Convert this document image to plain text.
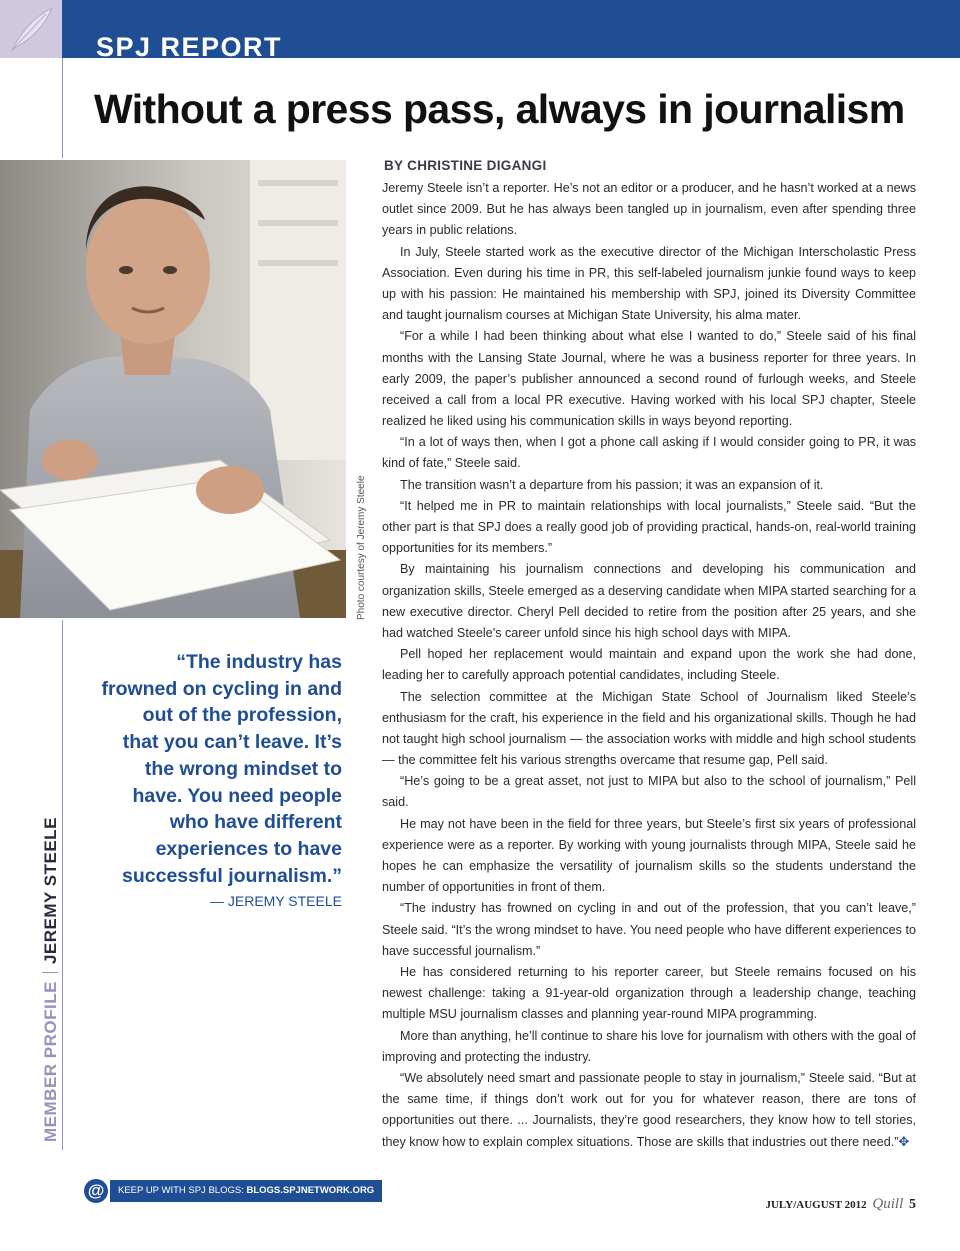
SPJ REPORT
Without a press pass, always in journalism
Photo courtesy of Jeremy Steele
“The industry has
frowned on cycling in and
out of the profession,
that you can’t leave. It’s
the wrong mindset to
have. You need people
who have different
experiences to have
successful journalism.”
— JEREMY STEELE
MEMBER PROFILEJEREMY STEELE
BY CHRISTINE DIGANGI

Jeremy Steele isn’t a reporter. He’s not an editor or a producer, and he hasn’t worked at a news outlet since 2009. But he has always been tangled up in journalism, even after spending three years in public relations.

In July, Steele started work as the executive director of the Michigan Interscholastic Press Association. Even during his time in PR, this self-labeled journalism junkie found ways to keep up with his passion: He maintained his membership with SPJ, joined its Diversity Committee and taught journalism courses at Michigan State University, his alma mater.

“For a while I had been thinking about what else I wanted to do,” Steele said of his final months with the Lansing State Journal, where he was a business reporter for three years. In early 2009, the paper’s publisher announced a second round of furlough weeks, and Steele received a call from a local PR executive. Having worked with his local SPJ chapter, Steele realized he liked using his communication skills in ways beyond reporting.

“In a lot of ways then, when I got a phone call asking if I would consider going to PR, it was kind of fate,” Steele said.

The transition wasn’t a departure from his passion; it was an expansion of it.

“It helped me in PR to maintain relationships with local journalists,” Steele said. “But the other part is that SPJ does a really good job of providing practical, hands-on, real-world training opportunities for its members.”

By maintaining his journalism connections and developing his communication and organization skills, Steele emerged as a deserving candidate when MIPA started searching for a new executive director. Cheryl Pell decided to retire from the position after 25 years, and she had watched Steele’s career unfold since his high school days with MIPA.

Pell hoped her replacement would maintain and expand upon the work she had done, leading her to carefully approach potential candidates, including Steele.

The selection committee at the Michigan State School of Journalism liked Steele’s enthusiasm for the craft, his experience in the field and his organizational skills. Though he had not taught high school journalism — the association works with middle and high school students — the committee felt his various strengths overcame that resume gap, Pell said.

“He’s going to be a great asset, not just to MIPA but also to the school of journalism,” Pell said.

He may not have been in the field for three years, but Steele’s first six years of professional experience were as a reporter. By working with young journalists through MIPA, Steele said he hopes he can emphasize the versatility of journalism skills so the students understand the number of opportunities in front of them.

“The industry has frowned on cycling in and out of the profession, that you can’t leave,” Steele said. “It’s the wrong mindset to have. You need people who have different experiences to have successful journalism.”

He has considered returning to his reporter career, but Steele remains focused on his newest challenge: taking a 91-year-old organization through a leadership change, teaching multiple MSU journalism classes and planning year-round MIPA programming.

More than anything, he’ll continue to share his love for journalism with others with the goal of improving and protecting the industry.

“We absolutely need smart and passionate people to stay in journalism,” Steele said. “But at the same time, if things don’t work out for you for whatever reason, there are tons of opportunities out there. ... Journalists, they’re good researchers, they know how to tell stories, they know how to explain complex situations. Those are skills that industries out there need.”✥

@	KEEP UP WITH SPJ BLOGS: BLOGS.SPJNETWORK.ORG
JULY/AUGUST 2012 Quill 5
